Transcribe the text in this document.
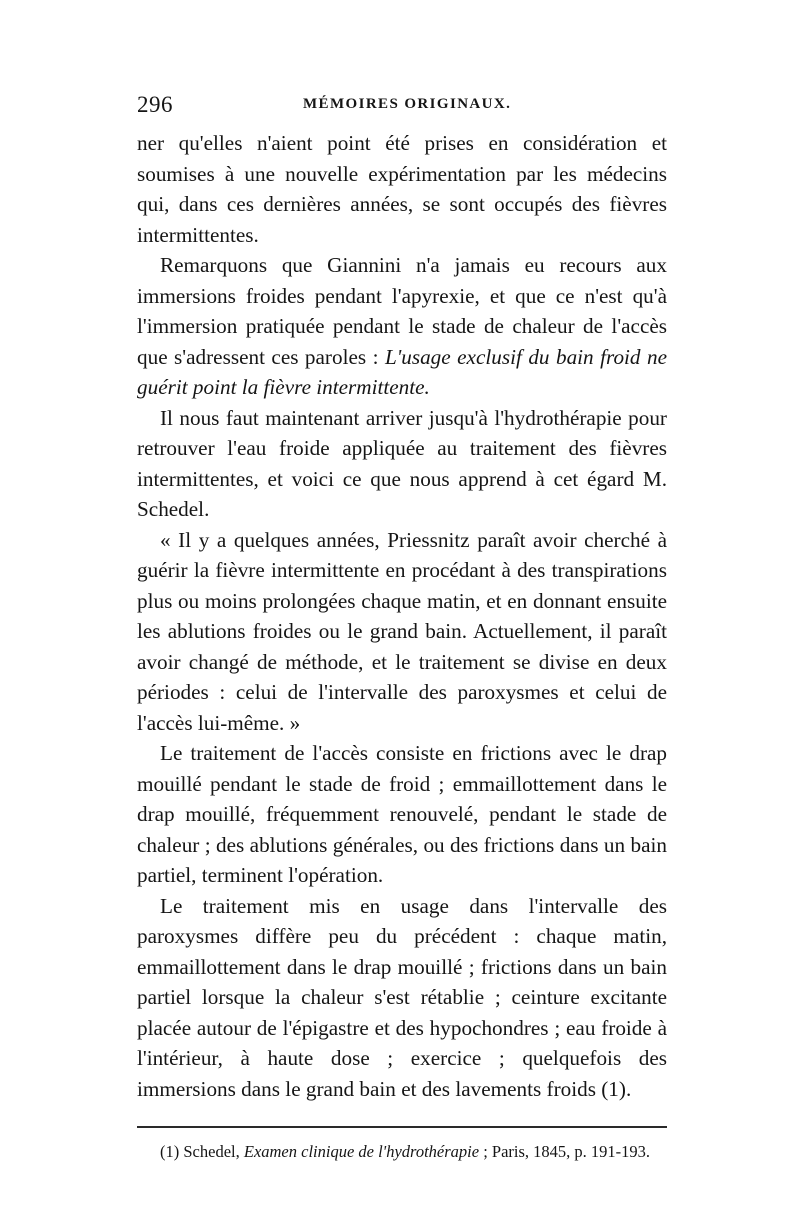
296	MÉMOIRES ORIGINAUX.

ner qu'elles n'aient point été prises en considération et soumises à une nouvelle expérimentation par les médecins qui, dans ces dernières années, se sont occupés des fièvres intermittentes.

Remarquons que Giannini n'a jamais eu recours aux immersions froides pendant l'apyrexie, et que ce n'est qu'à l'immersion pratiquée pendant le stade de chaleur de l'accès que s'adressent ces paroles : L'usage exclusif du bain froid ne guérit point la fièvre intermittente.

Il nous faut maintenant arriver jusqu'à l'hydrothérapie pour retrouver l'eau froide appliquée au traitement des fièvres intermittentes, et voici ce que nous apprend à cet égard M. Schedel.

« Il y a quelques années, Priessnitz paraît avoir cherché à guérir la fièvre intermittente en procédant à des transpirations plus ou moins prolongées chaque matin, et en donnant ensuite les ablutions froides ou le grand bain. Actuellement, il paraît avoir changé de méthode, et le traitement se divise en deux périodes : celui de l'intervalle des paroxysmes et celui de l'accès lui-même. »

Le traitement de l'accès consiste en frictions avec le drap mouillé pendant le stade de froid ; emmaillottement dans le drap mouillé, fréquemment renouvelé, pendant le stade de chaleur ; des ablutions générales, ou des frictions dans un bain partiel, terminent l'opération.

Le traitement mis en usage dans l'intervalle des paroxysmes diffère peu du précédent : chaque matin, emmaillottement dans le drap mouillé ; frictions dans un bain partiel lorsque la chaleur s'est rétablie ; ceinture excitante placée autour de l'épigastre et des hypochondres ; eau froide à l'intérieur, à haute dose ; exercice ; quelquefois des immersions dans le grand bain et des lavements froids (1).

(1) Schedel, Examen clinique de l'hydrothérapie ; Paris, 1845, p. 191-193.
